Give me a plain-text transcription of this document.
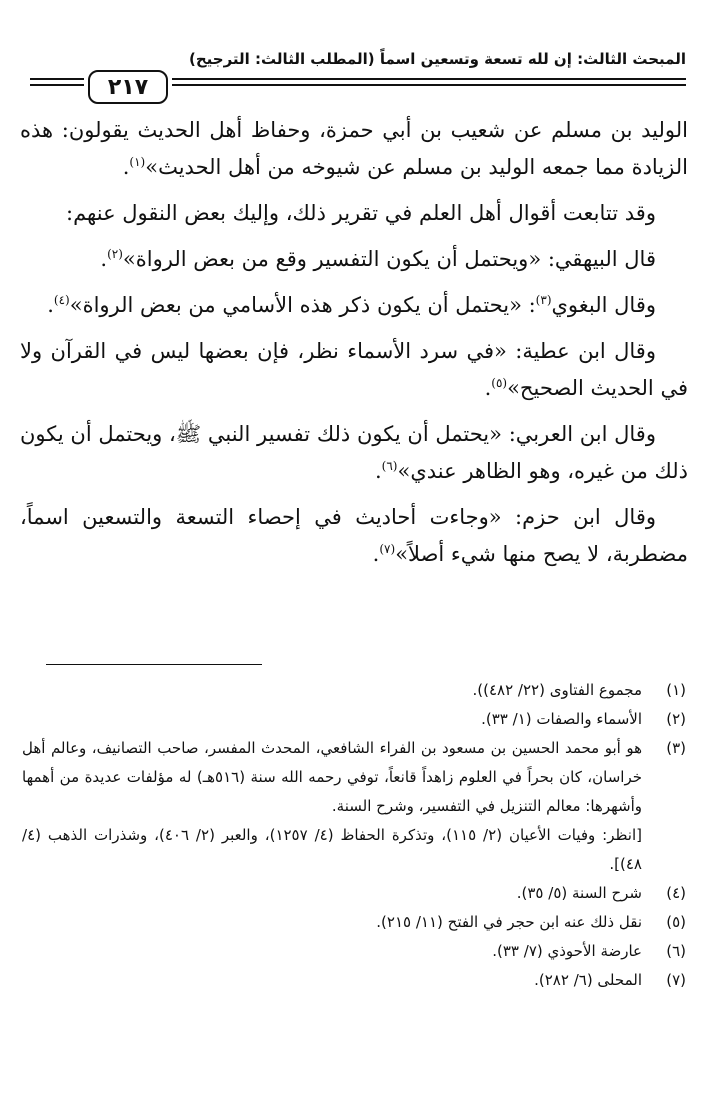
المبحث الثالث: إن لله تسعة وتسعين اسماً (المطلب الثالث: الترجيح)
٢١٧

الوليد بن مسلم عن شعيب بن أبي حمزة، وحفاظ أهل الحديث يقولون: هذه الزيادة مما جمعه الوليد بن مسلم عن شيوخه من أهل الحديث»$^{(١)}$.

وقد تتابعت أقوال أهل العلم في تقرير ذلك، وإليك بعض النقول عنهم:

قال البيهقي: «ويحتمل أن يكون التفسير وقع من بعض الرواة»$^{(٢)}$.

وقال البغوي$^{(٣)}$: «يحتمل أن يكون ذكر هذه الأسامي من بعض الرواة»$^{(٤)}$.

وقال ابن عطية: «في سرد الأسماء نظر، فإن بعضها ليس في القرآن ولا في الحديث الصحيح»$^{(٥)}$.

وقال ابن العربي: «يحتمل أن يكون ذلك تفسير النبي ﷺ، ويحتمل أن يكون ذلك من غيره، وهو الظاهر عندي»$^{(٦)}$.

وقال ابن حزم: «وجاءت أحاديث في إحصاء التسعة والتسعين اسماً، مضطربة، لا يصح منها شيء أصلاً»$^{(٧)}$.

(١)
مجموع الفتاوى (٢٢/ ٤٨٢)).
(٢)
الأسماء والصفات (١/ ٣٣).
(٣)
هو أبو محمد الحسين بن مسعود بن الفراء الشافعي، المحدث المفسر، صاحب التصانيف، وعالم أهل خراسان، كان بحراً في العلوم زاهداً قانعاً، توفي رحمه الله سنة (٥١٦هـ) له مؤلفات عديدة من أهمها وأشهرها: معالم التنزيل في التفسير، وشرح السنة.
[انظر: وفيات الأعيان (٢/ ١١٥)، وتذكرة الحفاظ (٤/ ١٢٥٧)، والعبر (٢/ ٤٠٦)، وشذرات الذهب (٤/ ٤٨)].
(٤)
شرح السنة (٥/ ٣٥).
(٥)
نقل ذلك عنه ابن حجر في الفتح (١١/ ٢١٥).
(٦)
عارضة الأحوذي (٧/ ٣٣).
(٧)
المحلى (٦/ ٢٨٢).
